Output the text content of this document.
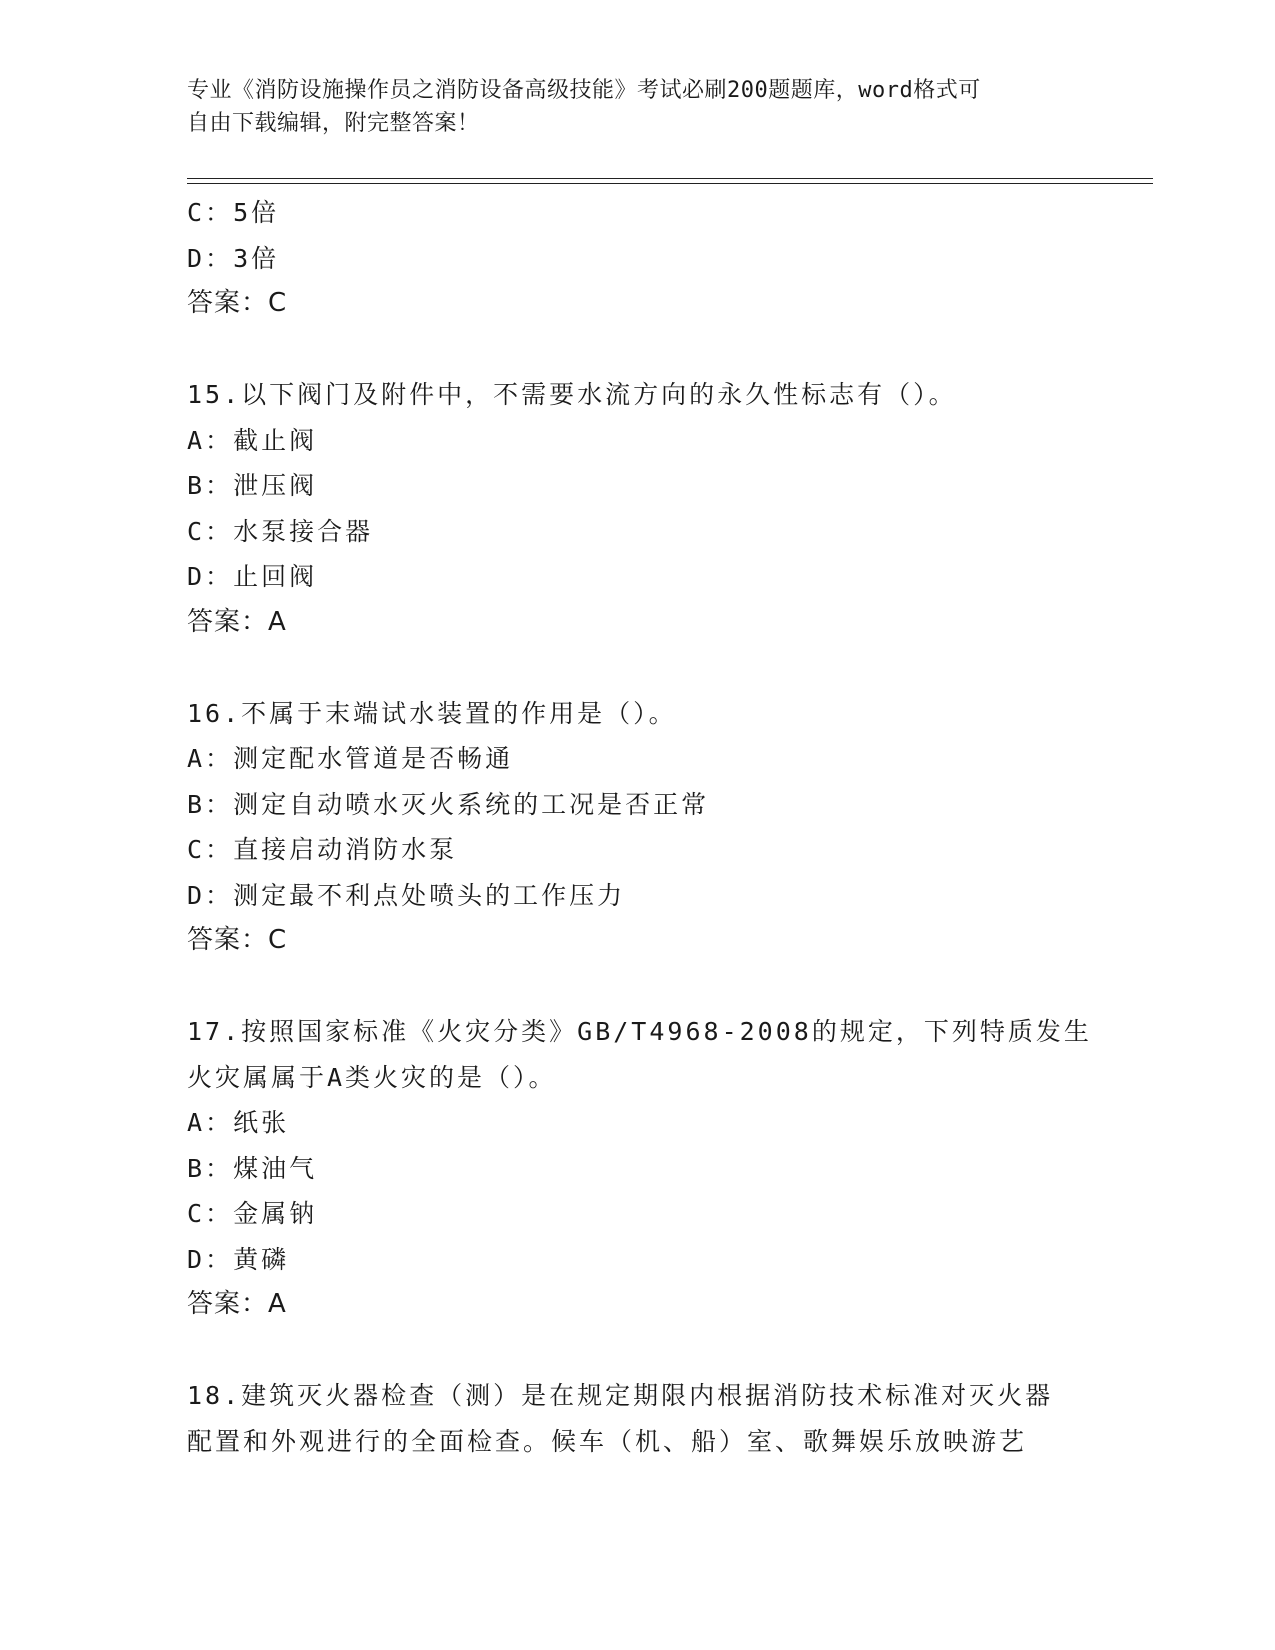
专业《消防设施操作员之消防设备高级技能》考试必刷200题题库，word格式可
自由下载编辑，附完整答案！
C：5倍
D：3倍
答案：C
15.以下阀门及附件中，不需要水流方向的永久性标志有（）。
A：截止阀
B：泄压阀
C：水泵接合器
D：止回阀
答案：A
16.不属于末端试水装置的作用是（）。
A：测定配水管道是否畅通
B：测定自动喷水灭火系统的工况是否正常
C：直接启动消防水泵
D：测定最不利点处喷头的工作压力
答案：C
17.按照国家标准《火灾分类》GB/T4968-2008的规定，下列特质发生
火灾属属于A类火灾的是（）。
A：纸张
B：煤油气
C：金属钠
D：黄磷
答案：A
18.建筑灭火器检查（测）是在规定期限内根据消防技术标准对灭火器
配置和外观进行的全面检查。候车（机、船）室、歌舞娱乐放映游艺
